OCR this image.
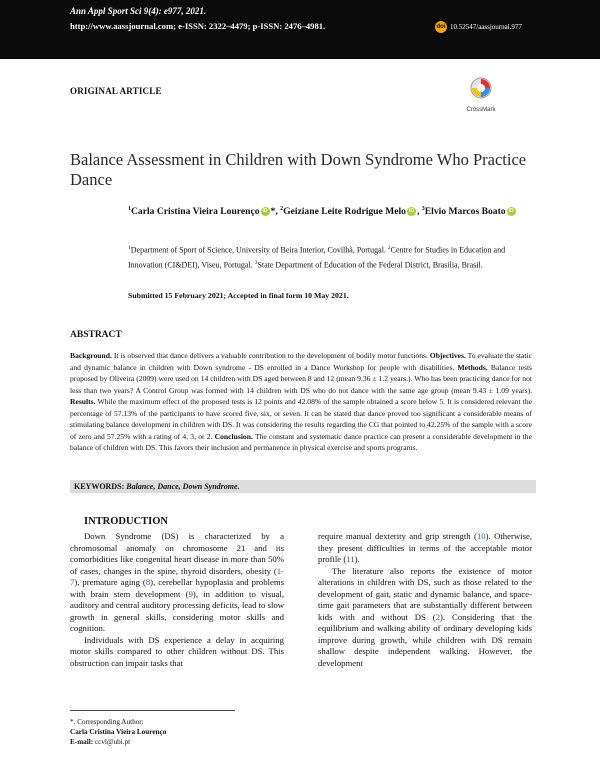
Ann Appl Sport Sci 9(4): e977, 2021.
http://www.aassjournal.com; e-ISSN: 2322–4479; p-ISSN: 2476–4981.	doi 10.52547/aassjournal.977
ORIGINAL ARTICLE
CrossMark
Balance Assessment in Children with Down Syndrome Who Practice Dance
$^1$Carla Cristina Vieira Lourenço iD *, $^2$Geiziane Leite Rodrigue Melo iD , $^3$Elvio Marcos Boato iD
$^1$Department of Sport of Science, University of Beira Interior, Covilhã, Portugal. $^2$Centre for Studies in Education and Innovation (CI&DEI), Viseu, Portugal. $^3$State Department of Education of the Federal District, Brasilia, Brasil.
Submitted 15 February 2021; Accepted in final form 10 May 2021.
ABSTRACT
Background. It is observed that dance delivers a valuable contribution to the development of bodily motor functions. Objectives. To evaluate the static and dynamic balance in children with Down syndrome - DS enrolled in a Dance Workshop for people with disabilities. Methods. Balance tests proposed by Oliveira (2009) were used on 14 children with DS aged between 8 and 12 (mean 9.36 ± 1.2 years.). Who has been practicing dance for not less than two years? A Control Group was formed with 14 children with DS who do not dance with the same age group (mean 9.43 ± 1.09 years). Results. While the maximum effect of the proposed tests is 12 points and 42.08% of the sample obtained a score below 5. It is considered relevant the percentage of 57.13% of the participants to have scored five, six, or seven. It can be stated that dance proved too significant a considerable means of stimulating balance development in children with DS. It was considering the results regarding the CG that pointed to 42.25% of the sample with a score of zero and 57.25% with a rating of 4, 3, or 2. Conclusion. The constant and systematic dance practice can present a considerable development in the balance of children with DS. This favors their inclusion and permanence in physical exercise and sports programs.
KEYWORDS: Balance, Dance, Down Syndrome.
INTRODUCTION

Down Syndrome (DS) is characterized by a chromosomal anomaly on chromosome 21 and its comorbidities like congenital heart disease in more than 50% of cases, changes in the spine, thyroid disorders, obesity (1-7), premature aging (8), cerebellar hypoplasia and problems with brain stem development (9), in addition to visual, auditory and central auditory processing deficits, lead to slow growth in general skills, considering motor skills and cognition.

Individuals with DS experience a delay in acquiring motor skills compared to other children without DS. This obstruction can impair tasks that

require manual dexterity and grip strength (10). Otherwise, they present difficulties in terms of the acceptable motor profile (11).

The literature also reports the existence of motor alterations in children with DS, such as those related to the development of gait, static and dynamic balance, and space-time gait parameters that are substantially different between kids with and without DS (2). Considering that the equilibrium and walking ability of ordinary developing kids improve during growth, while children with DS remain shallow despite independent walking. However, the development

*. Corresponding Author:
Carla Cristina Vieira Lourenço
E-mail: ccvl@ubi.pt
